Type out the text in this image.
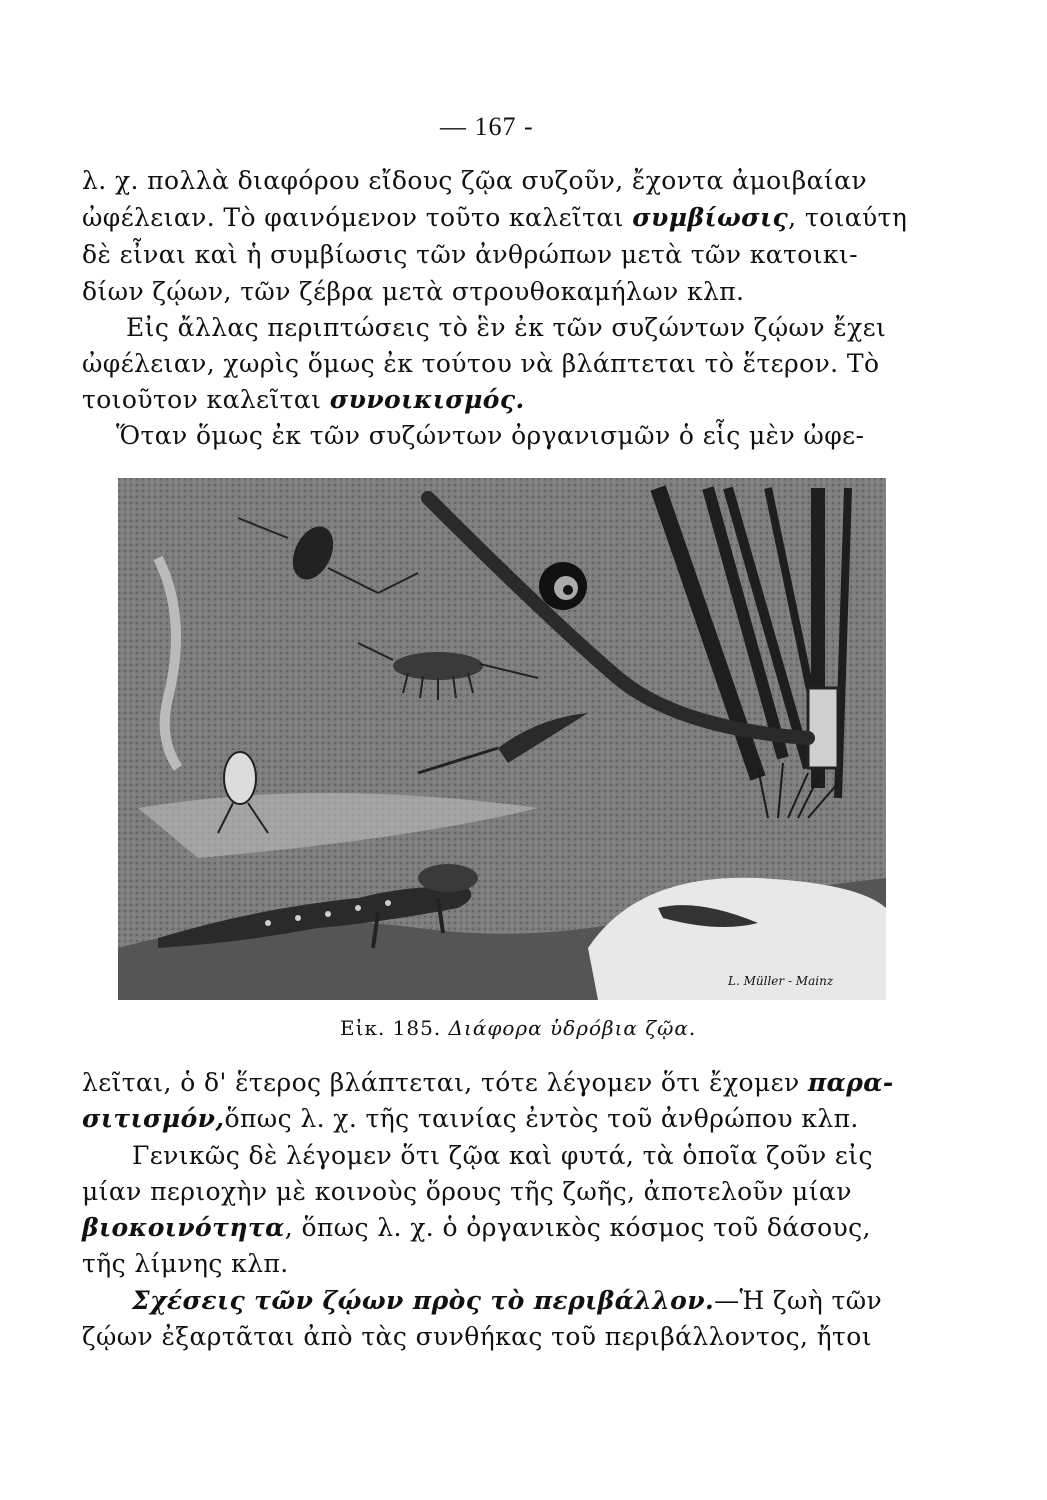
— 167 -
λ. χ. πολλὰ διαφόρου εἴδους ζῷα συζοῦν, ἔχοντα ἀμοιβαίαν
ὠφέλειαν. Τὸ φαινόμενον τοῦτο καλεῖται συμβίωσις, τοιαύτη
δὲ εἶναι καὶ ἡ συμβίωσις τῶν ἀνθρώπων μετὰ τῶν κατοικι-
δίων ζῴων, τῶν ζέβρα μετὰ στρουθοκαμήλων κλπ.
Εἰς ἄλλας περιπτώσεις τὸ ἓν ἐκ τῶν συζώντων ζῴων ἔχει
ὠφέλειαν, χωρὶς ὅμως ἐκ τούτου νὰ βλάπτεται τὸ ἕτερον. Τὸ
τοιοῦτον καλεῖται συνοικισμός.
Ὅταν ὅμως ἐκ τῶν συζώντων ὀργανισμῶν ὁ εἷς μὲν ὠφε-
L. Müller - Mainz
Εἰκ. 185. Διάφορα ὑδρόβια ζῷα.
λεῖται, ὁ δ' ἕτερος βλάπτεται, τότε λέγομεν ὅτι ἔχομεν παρα-
σιτισμόν,ὅπως λ. χ. τῆς ταινίας ἐντὸς τοῦ ἀνθρώπου κλπ.
Γενικῶς δὲ λέγομεν ὅτι ζῷα καὶ φυτά, τὰ ὁποῖα ζοῦν εἰς
μίαν περιοχὴν μὲ κοινοὺς ὅρους τῆς ζωῆς, ἀποτελοῦν μίαν
βιοκοινότητα, ὅπως λ. χ. ὁ ὀργανικὸς κόσμος τοῦ δάσους,
τῆς λίμνης κλπ.
Σχέσεις τῶν ζῴων πρὸς τὸ περιβάλλον.—Ἡ ζωὴ τῶν
ζῴων ἐξαρτᾶται ἀπὸ τὰς συνθήκας τοῦ περιβάλλοντος, ἤτοι
